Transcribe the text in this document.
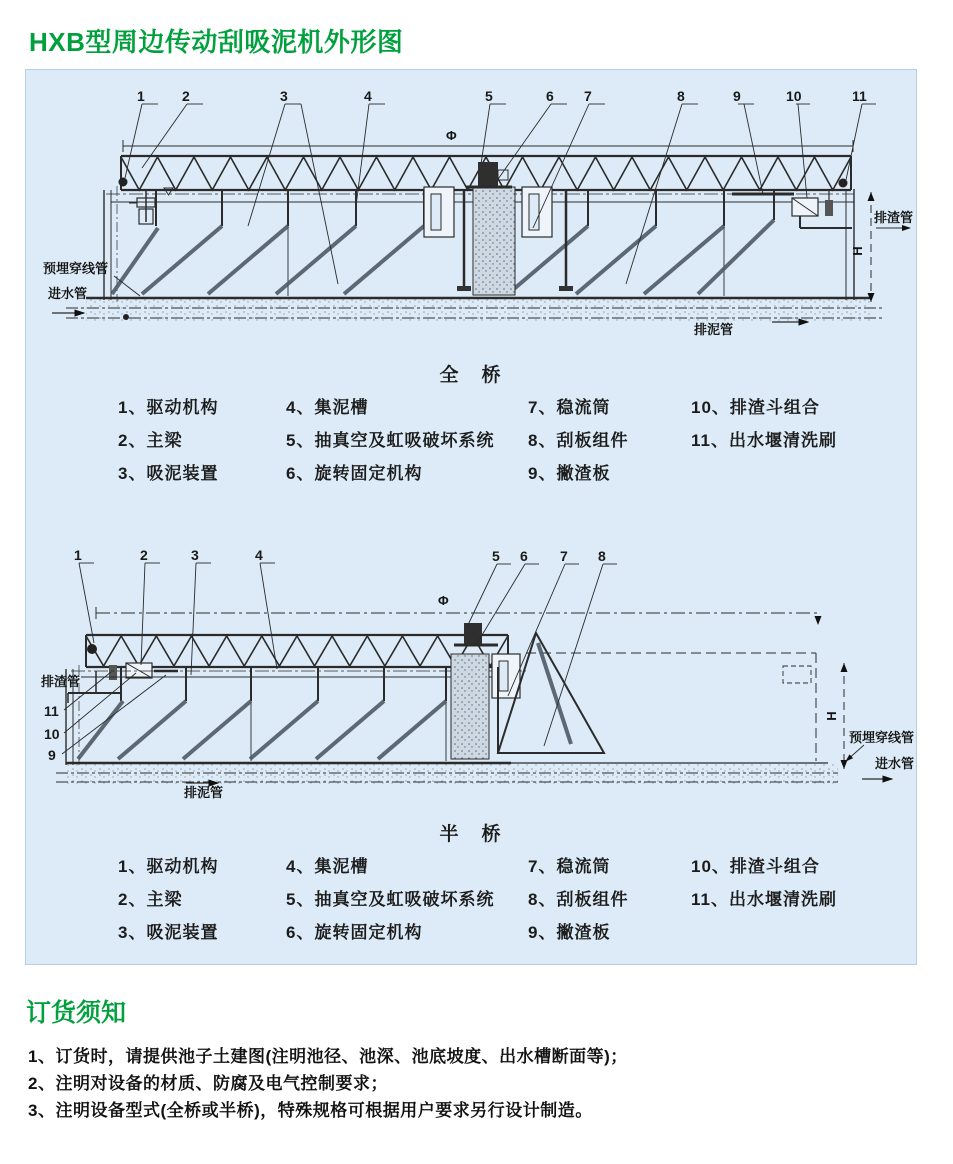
HXB型周边传动刮吸泥机外形图
Φ
H
排渣管
预埋穿线管
进水管
排泥管
1	2	3	4	5	6 7	8	9	10	11
全　桥
1、驱动机构
2、主梁
3、吸泥装置
4、集泥槽
5、抽真空及虹吸破坏系统
6、旋转固定机构
7、稳流筒
8、刮板组件
9、撇渣板
10、排渣斗组合
11、出水堰清洗刷
Φ
H
排渣管
预埋穿线管
进水管
排泥管
1	2	3	4	5 6 7 8
11
10
9
半　桥
1、驱动机构
2、主梁
3、吸泥装置
4、集泥槽
5、抽真空及虹吸破坏系统
6、旋转固定机构
7、稳流筒
8、刮板组件
9、撇渣板
10、排渣斗组合
11、出水堰清洗刷
订货须知
1、订货时，请提供池子土建图(注明池径、池深、池底坡度、出水槽断面等)；
2、注明对设备的材质、防腐及电气控制要求；
3、注明设备型式(全桥或半桥)，特殊规格可根据用户要求另行设计制造。
